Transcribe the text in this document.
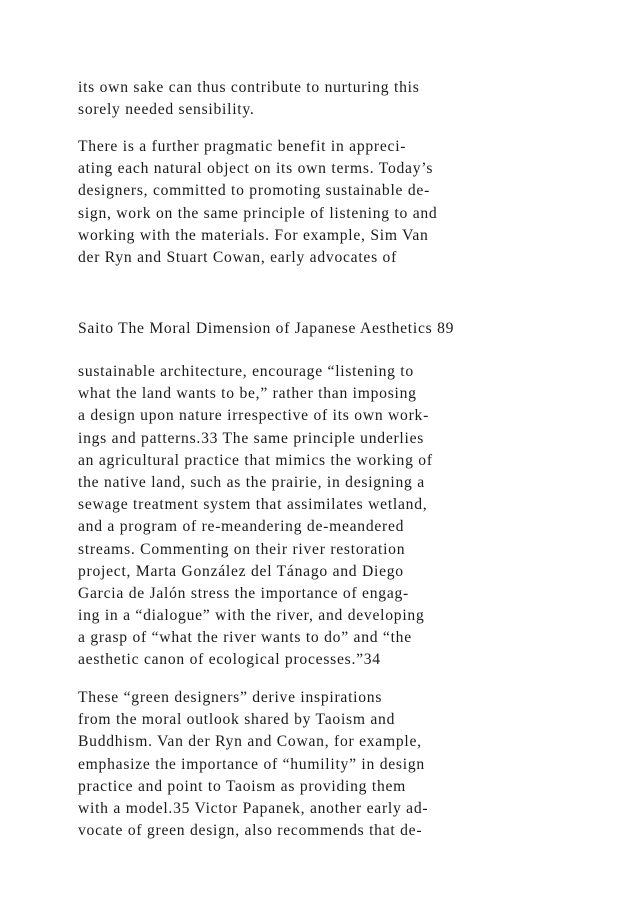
its own sake can thus contribute to nurturing this
sorely needed sensibility.

There is a further pragmatic benefit in appreci-
ating each natural object on its own terms. Today’s
designers, committed to promoting sustainable de-
sign, work on the same principle of listening to and
working with the materials. For example, Sim Van
der Ryn and Stuart Cowan, early advocates of

Saito The Moral Dimension of Japanese Aesthetics 89

sustainable architecture, encourage “listening to
what the land wants to be,” rather than imposing
a design upon nature irrespective of its own work-
ings and patterns.33 The same principle underlies
an agricultural practice that mimics the working of
the native land, such as the prairie, in designing a
sewage treatment system that assimilates wetland,
and a program of re-meandering de-meandered
streams. Commenting on their river restoration
project, Marta González del Tánago and Diego
Garcia de Jalón stress the importance of engag-
ing in a “dialogue” with the river, and developing
a grasp of “what the river wants to do” and “the
aesthetic canon of ecological processes.”34

These “green designers” derive inspirations
from the moral outlook shared by Taoism and
Buddhism. Van der Ryn and Cowan, for example,
emphasize the importance of “humility” in design
practice and point to Taoism as providing them
with a model.35 Victor Papanek, another early ad-
vocate of green design, also recommends that de-
